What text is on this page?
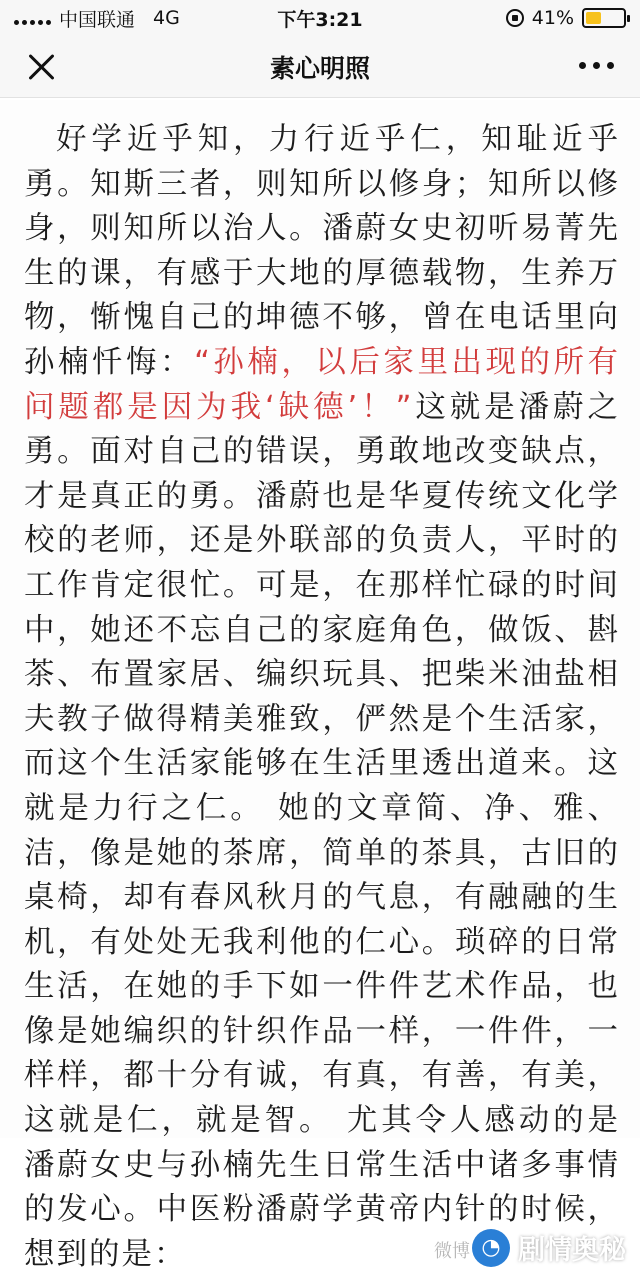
中国联通 4G	下午3:21	41%
素心明照

好学近乎知，力行近乎仁，知耻近乎勇。知斯三者，则知所以修身；知所以修身，则知所以治人。潘蔚女史初听易菁先生的课，有感于大地的厚德载物，生养万物，惭愧自己的坤德不够，曾在电话里向孙楠忏悔：“孙楠，以后家里出现的所有问题都是因为我‘缺德’！”这就是潘蔚之勇。面对自己的错误，勇敢地改变缺点，才是真正的勇。潘蔚也是华夏传统文化学校的老师，还是外联部的负责人，平时的工作肯定很忙。可是，在那样忙碌的时间中，她还不忘自己的家庭角色，做饭、斟茶、布置家居、编织玩具、把柴米油盐相夫教子做得精美雅致，俨然是个生活家，而这个生活家能够在生活里透出道来。这就是力行之仁。 她的文章简、净、雅、洁，像是她的茶席，简单的茶具，古旧的桌椅，却有春风秋月的气息，有融融的生机，有处处无我利他的仁心。琐碎的日常生活，在她的手下如一件件艺术作品，也像是她编织的针织作品一样，一件件，一样样，都十分有诚，有真，有善，有美，这就是仁，就是智。 尤其令人感动的是潘蔚女史与孙楠先生日常生活中诸多事情的发心。中医粉潘蔚学黄帝内针的时候，想到的是：	微博 ◔ 剧情奥秘
